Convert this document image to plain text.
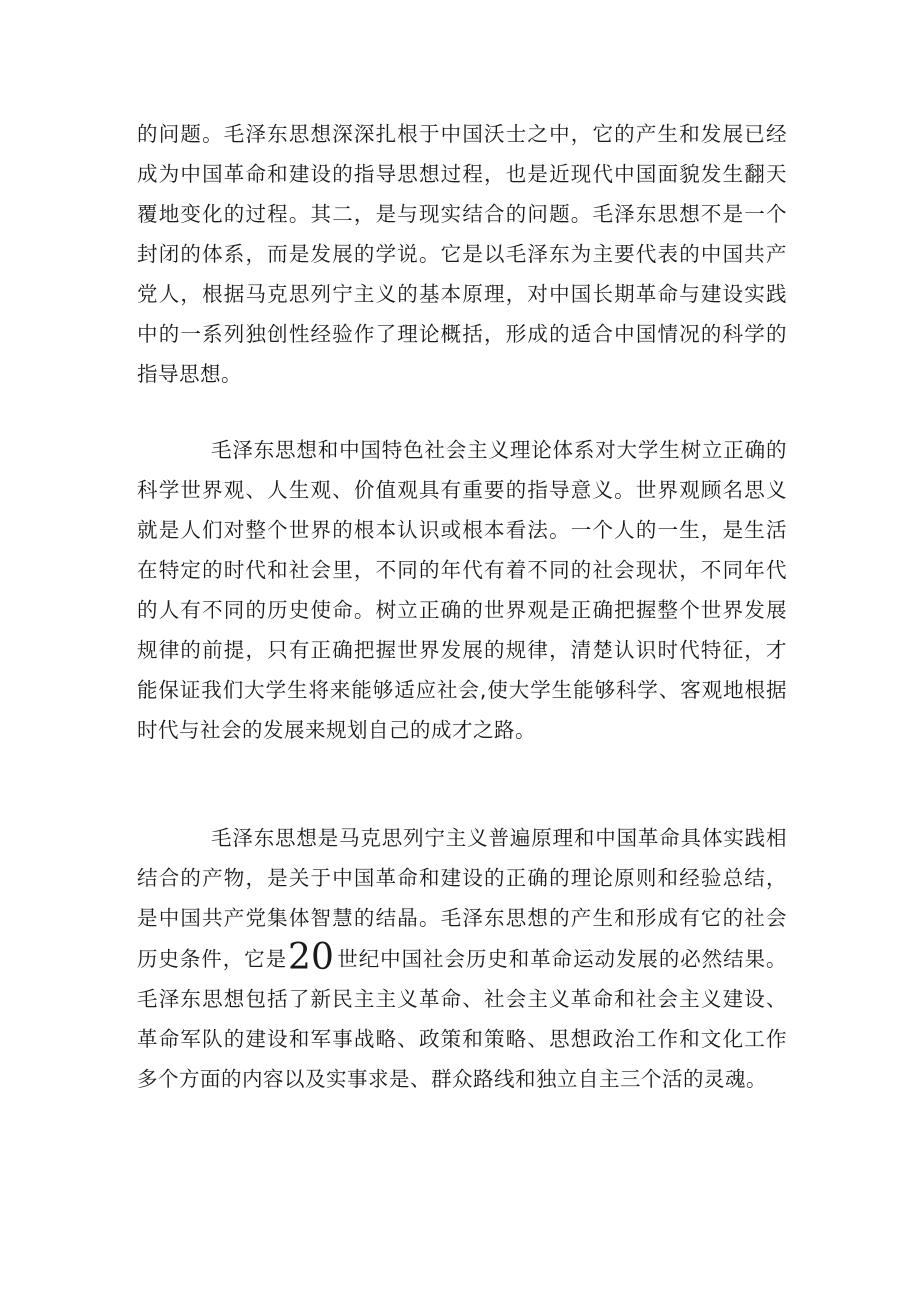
的问题。毛泽东思想深深扎根于中国沃士之中，它的产生和发展已经成为中国革命和建设的指导思想过程，也是近现代中国面貌发生翻天覆地变化的过程。其二，是与现实结合的问题。毛泽东思想不是一个封闭的体系，而是发展的学说。它是以毛泽东为主要代表的中国共产党人，根据马克思列宁主义的基本原理，对中国长期革命与建设实践中的一系列独创性经验作了理论概括，形成的适合中国情况的科学的指导思想。

毛泽东思想和中国特色社会主义理论体系对大学生树立正确的科学世界观、人生观、价值观具有重要的指导意义。世界观顾名思义就是人们对整个世界的根本认识或根本看法。一个人的一生，是生活在特定的时代和社会里，不同的年代有着不同的社会现状，不同年代的人有不同的历史使命。树立正确的世界观是正确把握整个世界发展规律的前提，只有正确把握世界发展的规律，清楚认识时代特征，才能保证我们大学生将来能够适应社会,使大学生能够科学、客观地根据时代与社会的发展来规划自己的成才之路。

毛泽东思想是马克思列宁主义普遍原理和中国革命具体实践相结合的产物，是关于中国革命和建设的正确的理论原则和经验总结，是中国共产党集体智慧的结晶。毛泽东思想的产生和形成有它的社会历史条件，它是20 世纪中国社会历史和革命运动发展的必然结果。毛泽东思想包括了新民主主义革命、社会主义革命和社会主义建设、革命军队的建设和军事战略、政策和策略、思想政治工作和文化工作多个方面的内容以及实事求是、群众路线和独立自主三个活的灵魂。
